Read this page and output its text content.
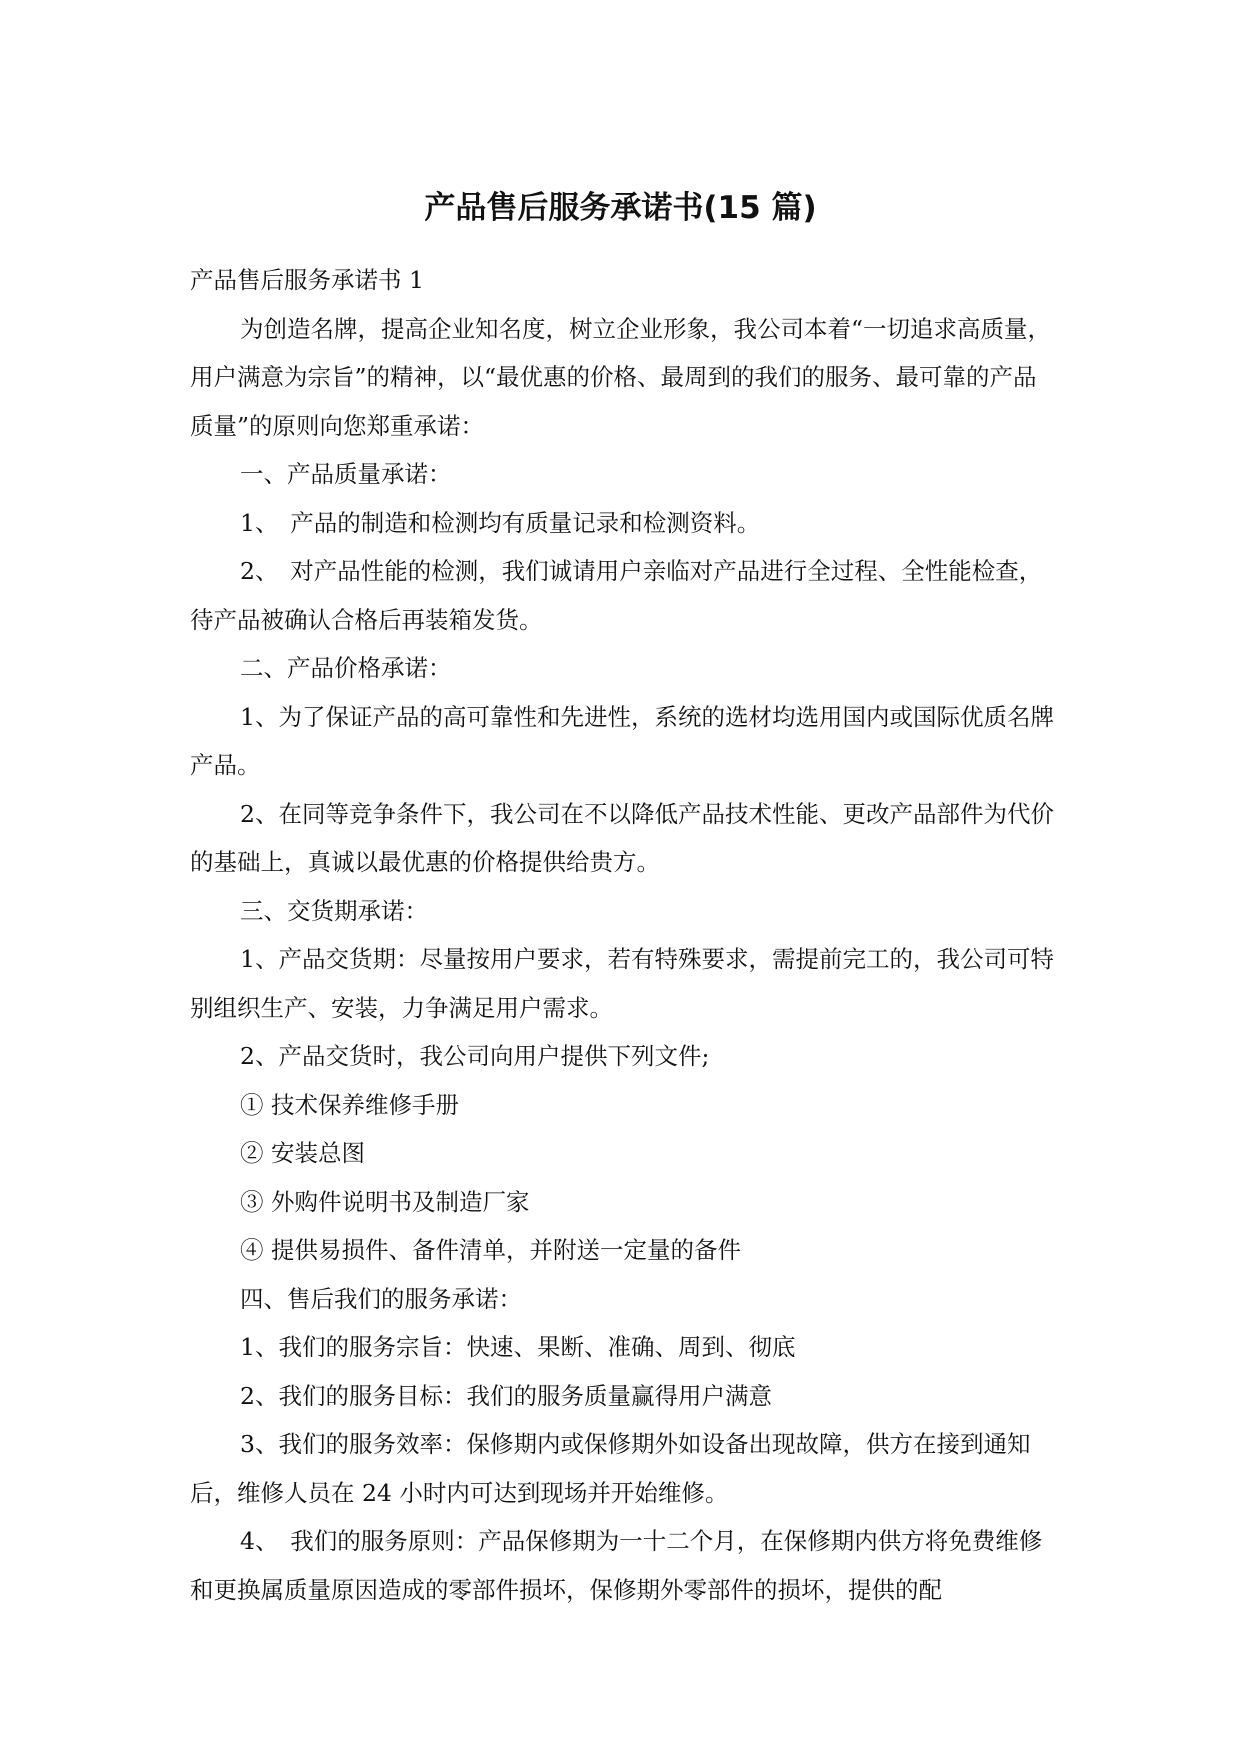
产品售后服务承诺书(15 篇)

产品售后服务承诺书 1

为创造名牌，提高企业知名度，树立企业形象，我公司本着“一切追求高质量，用户满意为宗旨”的精神，以“最优惠的价格、最周到的我们的服务、最可靠的产品质量”的原则向您郑重承诺：

一、产品质量承诺：

1、　产品的制造和检测均有质量记录和检测资料。

2、　对产品性能的检测，我们诚请用户亲临对产品进行全过程、全性能检查，待产品被确认合格后再装箱发货。

二、产品价格承诺：

1、为了保证产品的高可靠性和先进性，系统的选材均选用国内或国际优质名牌产品。

2、在同等竞争条件下，我公司在不以降低产品技术性能、更改产品部件为代价的基础上，真诚以最优惠的价格提供给贵方。

三、交货期承诺：

1、产品交货期：尽量按用户要求，若有特殊要求，需提前完工的，我公司可特别组织生产、安装，力争满足用户需求。

2、产品交货时，我公司向用户提供下列文件;

① 技术保养维修手册

② 安装总图

③ 外购件说明书及制造厂家

④ 提供易损件、备件清单，并附送一定量的备件

四、售后我们的服务承诺：

1、我们的服务宗旨：快速、果断、准确、周到、彻底

2、我们的服务目标：我们的服务质量赢得用户满意

3、我们的服务效率：保修期内或保修期外如设备出现故障，供方在接到通知后，维修人员在 24 小时内可达到现场并开始维修。

4、　我们的服务原则：产品保修期为一十二个月，在保修期内供方将免费维修和更换属质量原因造成的零部件损坏，保修期外零部件的损坏，提供的配
